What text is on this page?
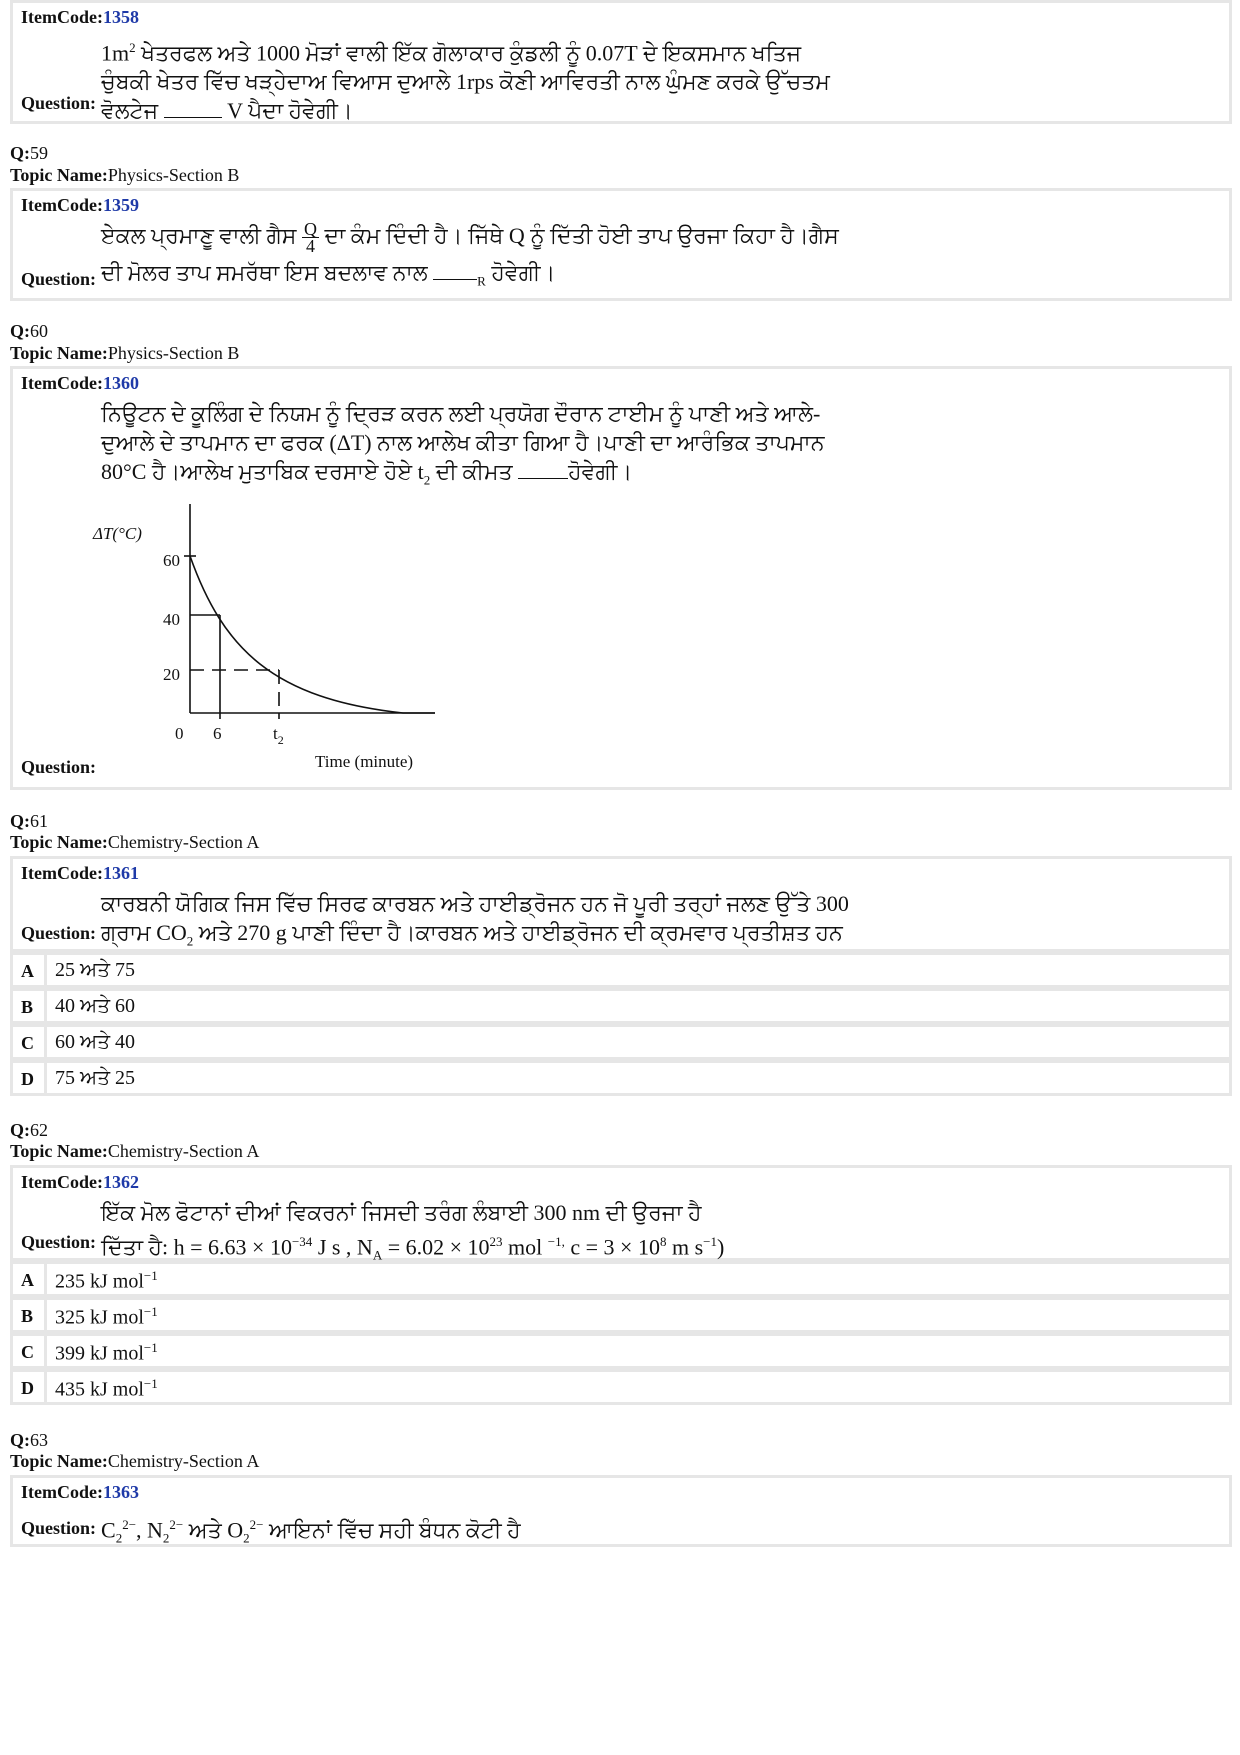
ItemCode:1358
$1m^2$ ਖੇਤਰਫਲ ਅਤੇ 1000 ਮੋੜਾਂ ਵਾਲੀ ਇੱਕ ਗੋਲਾਕਾਰ ਕੁੰਡਲੀ ਨੂੰ 0.07T ਦੇ ਇਕਸਮਾਨ ਖਤਿਜ
ਚੁੰਬਕੀ ਖੇਤਰ ਵਿੱਚ ਖੜ੍ਹੇਦਾਅ ਵਿਆਸ ਦੁਆਲੇ 1rps ਕੋਣੀ ਆਵਿਰਤੀ ਨਾਲ ਘੁੰਮਣ ਕਰਕੇ ਉੱਚਤਮ
ਵੋਲਟੇਜ	V ਪੈਦਾ ਹੋਵੇਗੀ।
Question:
Q:59
Topic Name:Physics-Section B
ItemCode:1359
ਏਕਲ ਪ੍ਰਮਾਣੂ ਵਾਲੀ ਗੈਸ $\frac{Q}{4}$ ਦਾ ਕੰਮ ਦਿੰਦੀ ਹੈ। ਜਿੱਥੇ Q ਨੂੰ ਦਿੱਤੀ ਹੋਈ ਤਾਪ ਉਰਜਾ ਕਿਹਾ ਹੈ।ਗੈਸ
ਦੀ ਮੋਲਰ ਤਾਪ ਸਮਰੱਥਾ ਇਸ ਬਦਲਾਵ ਨਾਲ	$_R$ ਹੋਵੇਗੀ।
Question:
Q:60
Topic Name:Physics-Section B
ItemCode:1360
ਨਿਊਟਨ ਦੇ ਕੂਲਿੰਗ ਦੇ ਨਿਯਮ ਨੂੰ ਦ੍ਰਿੜ ਕਰਨ ਲਈ ਪ੍ਰਯੋਗ ਦੌਰਾਨ ਟਾਈਮ ਨੂੰ ਪਾਣੀ ਅਤੇ ਆਲੇ-
ਦੁਆਲੇ ਦੇ ਤਾਪਮਾਨ ਦਾ ਫਰਕ (ΔT) ਨਾਲ ਆਲੇਖ ਕੀਤਾ ਗਿਆ ਹੈ।ਪਾਣੀ ਦਾ ਆਰੰਭਿਕ ਤਾਪਮਾਨ
80°C ਹੈ।ਆਲੇਖ ਮੁਤਾਬਿਕ ਦਰਸਾਏ ਹੋਏ $t_2$ ਦੀ ਕੀਮਤ ਹੋਵੇਗੀ।
ΔT(°C)
60
40
20
0 6	$t_2$
Time (minute)
Question:
Q:61
Topic Name:Chemistry-Section A
ItemCode:1361
ਕਾਰਬਨੀ ਯੋਗਿਕ ਜਿਸ ਵਿੱਚ ਸਿਰਫ ਕਾਰਬਨ ਅਤੇ ਹਾਈਡ੍ਰੋਜਨ ਹਨ ਜੋ ਪੂਰੀ ਤਰ੍ਹਾਂ ਜਲਣ ਉੱਤੇ 300
ਗ੍ਰਾਮ $CO_2$ ਅਤੇ 270 g ਪਾਣੀ ਦਿੰਦਾ ਹੈ।ਕਾਰਬਨ ਅਤੇ ਹਾਈਡ੍ਰੋਜਨ ਦੀ ਕ੍ਰਮਵਾਰ ਪ੍ਰਤੀਸ਼ਤ ਹਨ
Question:
A 25 ਅਤੇ 75
B 40 ਅਤੇ 60
C 60 ਅਤੇ 40
D 75 ਅਤੇ 25
Q:62
Topic Name:Chemistry-Section A
ItemCode:1362
ਇੱਕ ਮੋਲ ਫੋਟਾਨਾਂ ਦੀਆਂ ਵਿਕਰਨਾਂ ਜਿਸਦੀ ਤਰੰਗ ਲੰਬਾਈ 300 nm ਦੀ ਉਰਜਾ ਹੈ
ਦਿੱਤਾ ਹੈ: $h = 6.63 \times 10^{-34}$ J s , $N_A = 6.02 \times 10^{23}$ mol $^{-1,}$ $c = 3 \times 10^8$ m $s^{-1}$)
Question:
A 235 kJ mol$^{-1}$
B 325 kJ mol$^{-1}$
C 399 kJ mol$^{-1}$
D 435 kJ mol$^{-1}$
Q:63
Topic Name:Chemistry-Section A
ItemCode:1363
Question: $C_2^{2-}$, $N_2^{2-}$ ਅਤੇ $O_2^{2-}$ ਆਇਨਾਂ ਵਿੱਚ ਸਹੀ ਬੰਧਨ ਕੋਟੀ ਹੈ
